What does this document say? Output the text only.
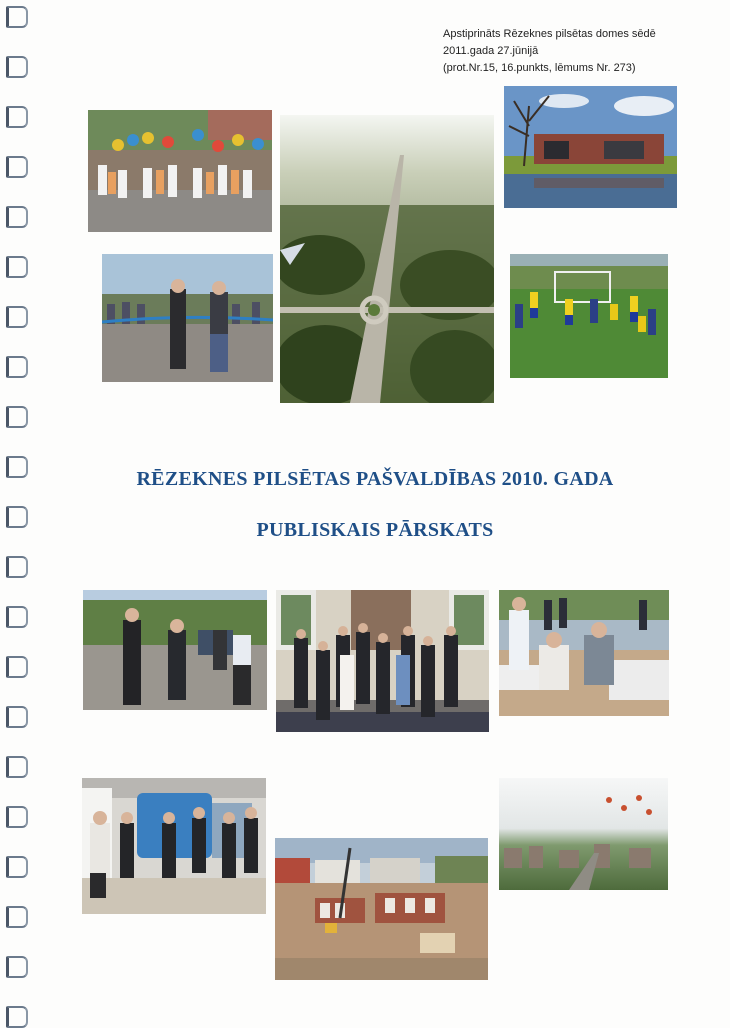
Apstiprināts Rēzeknes pilsētas domes sēdē
2011.gada 27.jūnijā
(prot.Nr.15, 16.punkts, lēmums Nr. 273)
RĒZEKNES PILSĒTAS PAŠVALDĪBAS 2010. GADA
PUBLISKAIS PĀRSKATS
